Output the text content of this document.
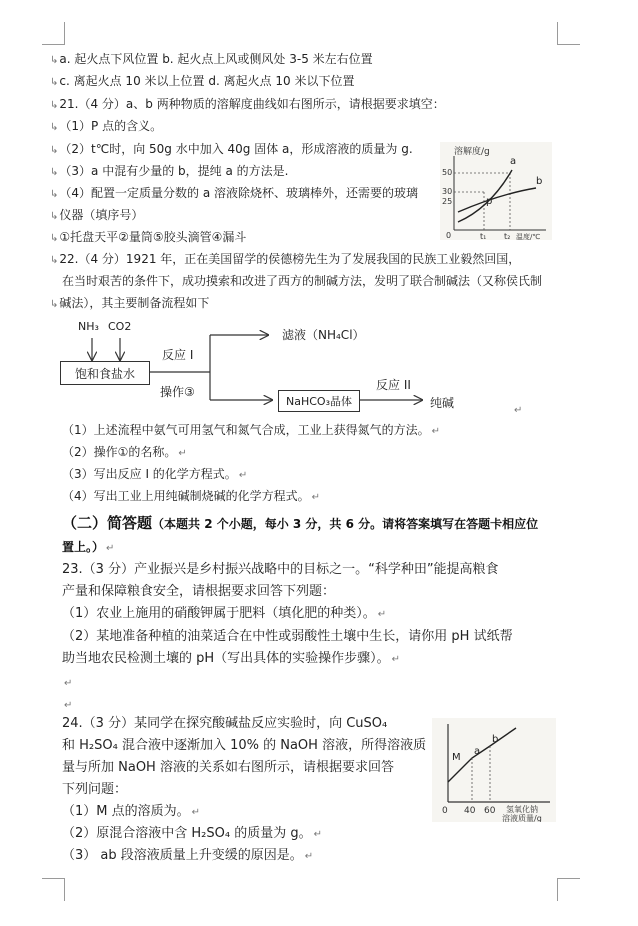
↳a. 起火点下风位置 b. 起火点上风或侧风处 3-5 米左右位置
↳c. 离起火点 10 米以上位置 d. 离起火点 10 米以下位置
↳21.（4 分）a、b 两种物质的溶解度曲线如右图所示，请根据要求填空：
↳（1）P 点的含义。
↳（2）t℃时，向 50g 水中加入 40g 固体 a，形成溶液的质量为 g.
↳（3）a 中混有少量的 b，提纯 a 的方法是.
↳（4）配置一定质量分数的 a 溶液除烧杯、玻璃棒外，还需要的玻璃
↳仪器（填序号）
↳①托盘天平②量筒⑤胶头滴管④漏斗
↳22.（4 分）1921 年，正在美国留学的侯德榜先生为了发展我国的民族工业毅然回国，
在当时艰苦的条件下，成功摸索和改进了西方的制碱方法，发明了联合制碱法（又称侯氏制
↳碱法），其主要制备流程如下
溶解度/g
50
30
25
a
b
p
0	t₁ t₂ 温度/℃
NH₃ CO2
饱和食盐水
反应 I
滤液（NH₄Cl）
操作③
NaHCO₃晶体
反应 II
纯碱
↵
（1）上述流程中氨气可用氢气和氮气合成，工业上获得氮气的方法。 ↵
（2）操作①的名称。 ↵
（3）写出反应 I 的化学方程式。 ↵
（4）写出工业上用纯碱制烧碱的化学方程式。 ↵
（二）简答题（本题共 2 个小题，每小 3 分，共 6 分。请将答案填写在答题卡相应位
置上。） ↵
23.（3 分）产业振兴是乡村振兴战略中的目标之一。“科学种田”能提高粮食
产量和保障粮食安全，请根据要求回答下列题：
（1）农业上施用的硝酸钾属于肥料（填化肥的种类）。 ↵
（2）某地准备种植的油菜适合在中性或弱酸性土壤中生长，请你用 pH 试纸帮
助当地农民检测土壤的 pH（写出具体的实验操作步骤）。 ↵
↵
↵
24.（3 分）某同学在探究酸碱盐反应实验时，向 CuSO₄
和 H₂SO₄ 混合液中逐渐加入 10% 的 NaOH 溶液，所得溶液质
量与所加 NaOH 溶液的关系如右图所示，请根据要求回答
下列问题：
（1）M 点的溶质为。 ↵
（2）原混合溶液中含 H₂SO₄ 的质量为 g。 ↵
（3） ab 段溶液质量上升变缓的原因是。 ↵
M
a
b
0 40 60 氢氧化钠
溶液质量/g
